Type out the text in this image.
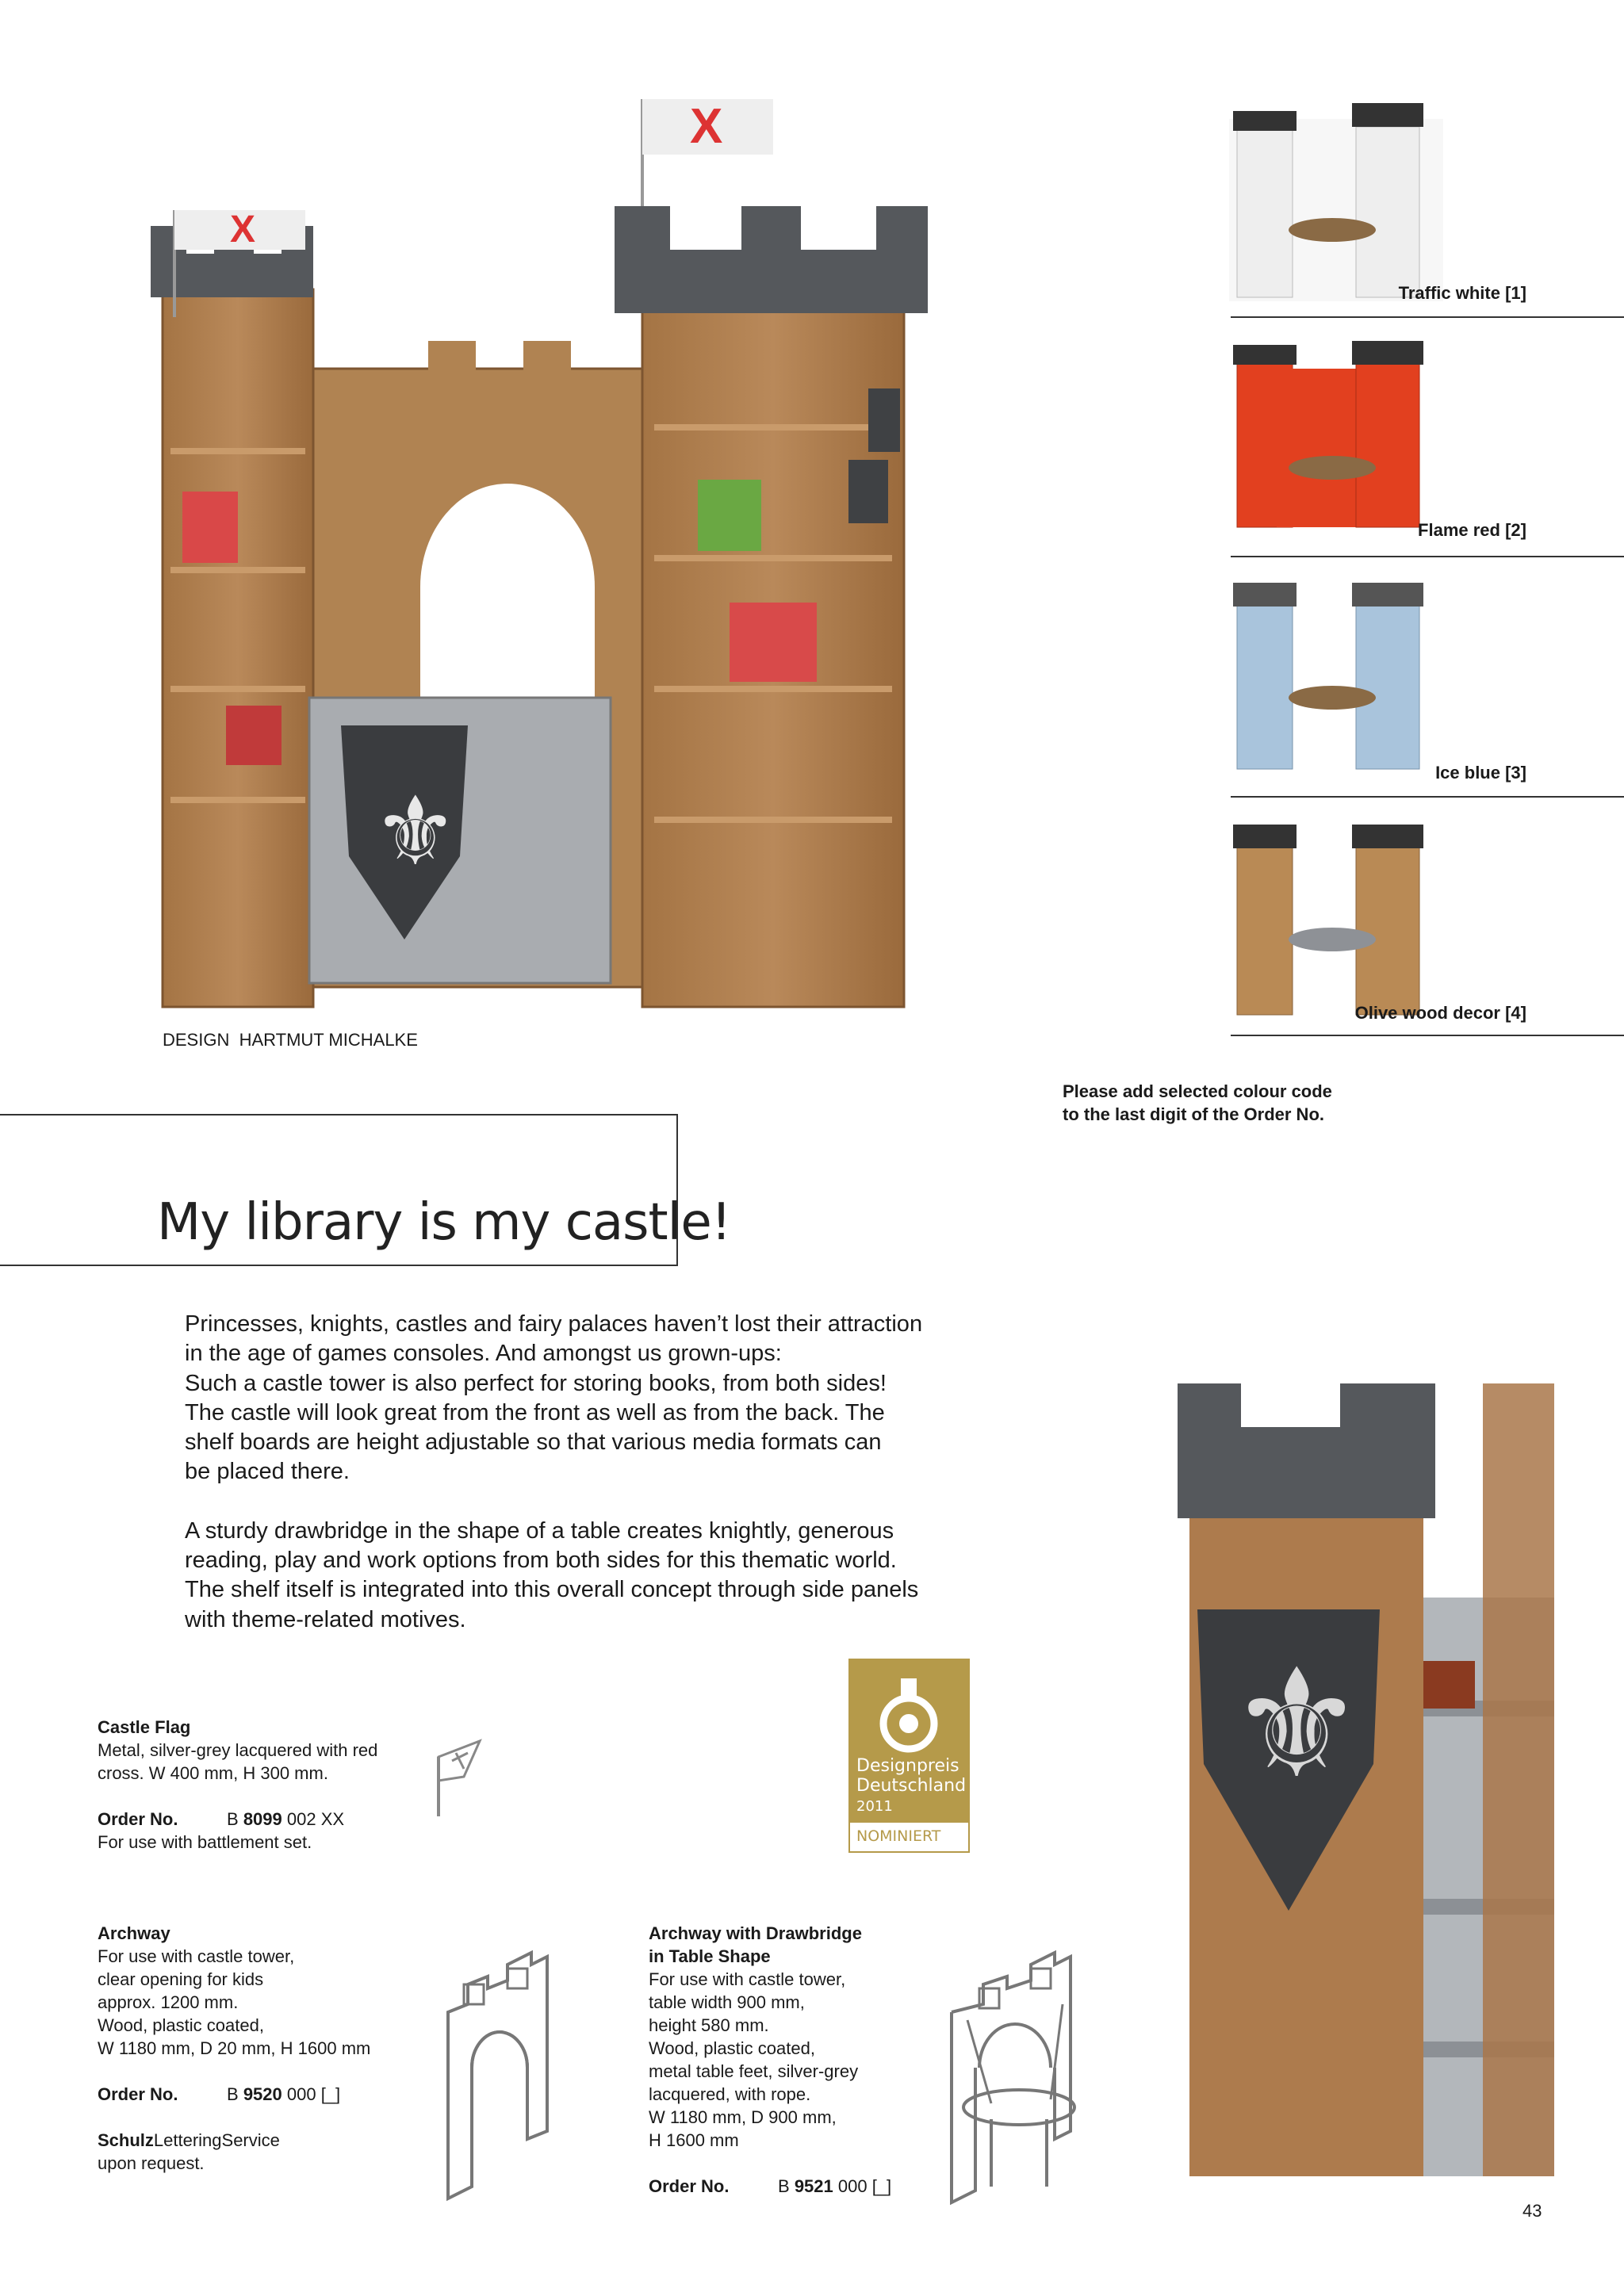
X
X
⚜
DESIGN  HARTMUT MICHALKE
Traffic white [1]
Flame red [2]
Ice blue [3]
Olive wood decor [4]
Please add selected colour code
to the last digit of the Order No.
My library is my castle!
Princesses, knights, castles and fairy palaces haven’t lost their attraction
in the age of games consoles. And amongst us grown-ups:
Such a castle tower is also perfect for storing books, from both sides!
The castle will look great from the front as well as from the back. The
shelf boards are height adjustable so that various media formats can
be placed there.
A sturdy drawbridge in the shape of a table creates knightly, generous
reading, play and work options from both sides for this thematic world.
The shelf itself is integrated into this overall concept through side panels
with theme-related motives.
Designpreis
Deutschland
2011
NOMINIERT
Castle Flag
Metal, silver-grey lacquered with red
cross. W 400 mm, H 300 mm.
Order No.	B 8099 002 XX
For use with battlement set.
Archway
For use with castle tower,
clear opening for kids
approx. 1200 mm.
Wood, plastic coated,
W 1180 mm, D 20 mm, H 1600 mm
Order No.	B 9520 000 [_]
SchulzLetteringService
upon request.
Archway with Drawbridge
in Table Shape
For use with castle tower,
table width 900 mm,
height 580 mm.
Wood, plastic coated,
metal table feet, silver-grey
lacquered, with rope.
W 1180 mm, D 900 mm,
H 1600 mm
Order No.	B 9521 000 [_]
⚜
43
